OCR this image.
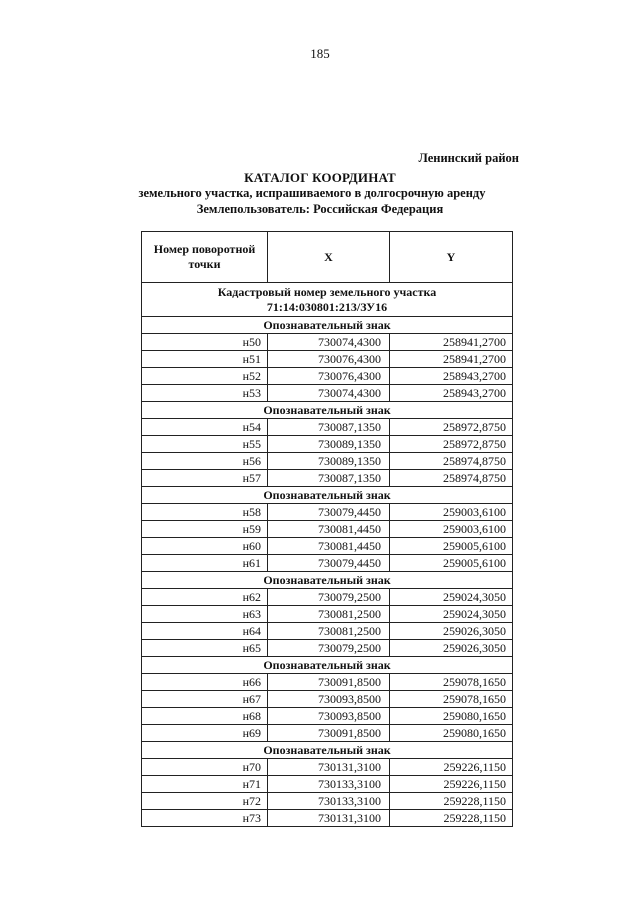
185
Ленинский район
КАТАЛОГ КООРДИНАТ
земельного участка, испрашиваемого в долгосрочную аренду
Землепользователь: Российская Федерация
Номер поворотной точки	X	Y

Кадастровый номер земельного участка
71:14:030801:213/ЗУ16		

Опознавательный знак		
н50	730074,4300	258941,2700
н51	730076,4300	258941,2700
н52	730076,4300	258943,2700
н53	730074,4300	258943,2700
Опознавательный знак		
н54	730087,1350	258972,8750
н55	730089,1350	258972,8750
н56	730089,1350	258974,8750
н57	730087,1350	258974,8750
Опознавательный знак		
н58	730079,4450	259003,6100
н59	730081,4450	259003,6100
н60	730081,4450	259005,6100
н61	730079,4450	259005,6100
Опознавательный знак		
н62	730079,2500	259024,3050
н63	730081,2500	259024,3050
н64	730081,2500	259026,3050
н65	730079,2500	259026,3050
Опознавательный знак		
н66	730091,8500	259078,1650
н67	730093,8500	259078,1650
н68	730093,8500	259080,1650
н69	730091,8500	259080,1650
Опознавательный знак		
н70	730131,3100	259226,1150
н71	730133,3100	259226,1150
н72	730133,3100	259228,1150
н73	730131,3100	259228,1150
